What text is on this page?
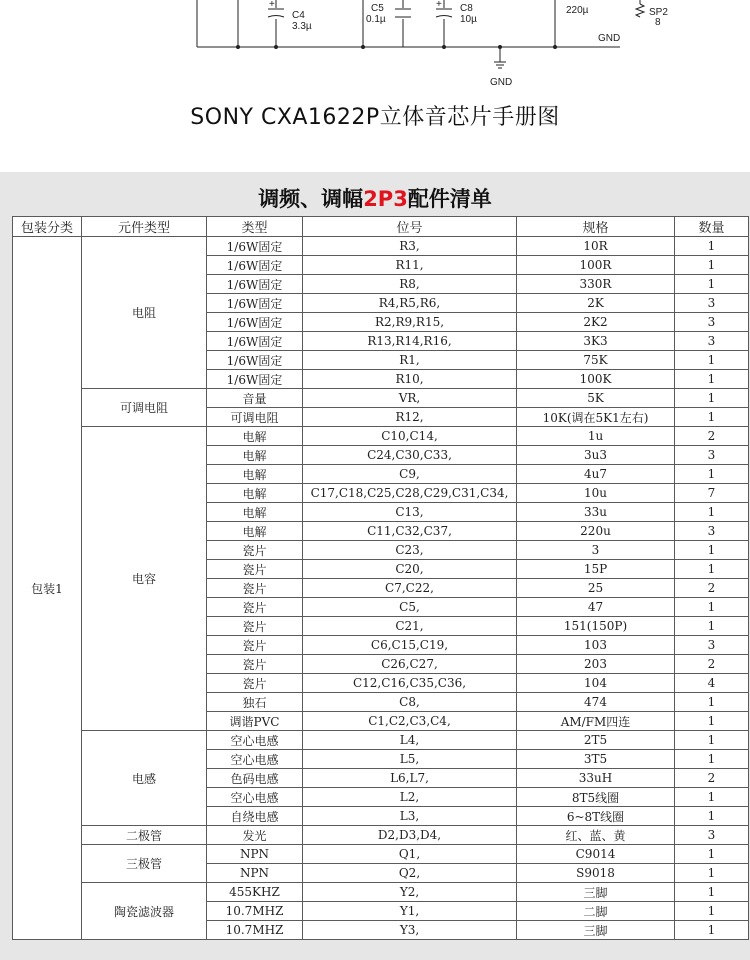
+	+
C4
3.3µ
C5
0.1µ
C8
10µ
220µ	SP2
8
GND
GND
SONY CXA1622P立体音芯片手册图
调频、调幅2P3配件清单
包装分类	元件类型	类型	位号	规格	数量
包装1	电阻	1/6W固定	R3,	10R	1
		1/6W固定	R11,	100R	1
		1/6W固定	R8,	330R	1
		1/6W固定	R4,R5,R6,	2K	3
		1/6W固定	R2,R9,R15,	2K2	3
		1/6W固定	R13,R14,R16,	3K3	3
		1/6W固定	R1,	75K	1
		1/6W固定	R10,	100K	1
	可调电阻	音量	VR,	5K	1
		可调电阻	R12,	10K(调在5K1左右)	1
	电容	电解	C10,C14,	1u	2
		电解	C24,C30,C33,	3u3	3
		电解	C9,	4u7	1
		电解	C17,C18,C25,C28,C29,C31,C34,	10u	7
		电解	C13,	33u	1
		电解	C11,C32,C37,	220u	3
		瓷片	C23,	3	1
		瓷片	C20,	15P	1
		瓷片	C7,C22,	25	2
		瓷片	C5,	47	1
		瓷片	C21,	151(150P)	1
		瓷片	C6,C15,C19,	103	3
		瓷片	C26,C27,	203	2
		瓷片	C12,C16,C35,C36,	104	4
		独石	C8,	474	1
		调谐PVC	C1,C2,C3,C4,	AM/FM四连	1
	电感	空心电感	L4,	2T5	1
		空心电感	L5,	3T5	1
		色码电感	L6,L7,	33uH	2
		空心电感	L2,	8T5线圈	1
		自绕电感	L3,	6~8T线圈	1
	二极管	发光	D2,D3,D4,	红、蓝、黄	3
	三极管	NPN	Q1,	C9014	1
		NPN	Q2,	S9018	1
	陶瓷滤波器	455KHZ	Y2,	三脚	1
		10.7MHZ	Y1,	二脚	1
		10.7MHZ	Y3,	三脚	1
